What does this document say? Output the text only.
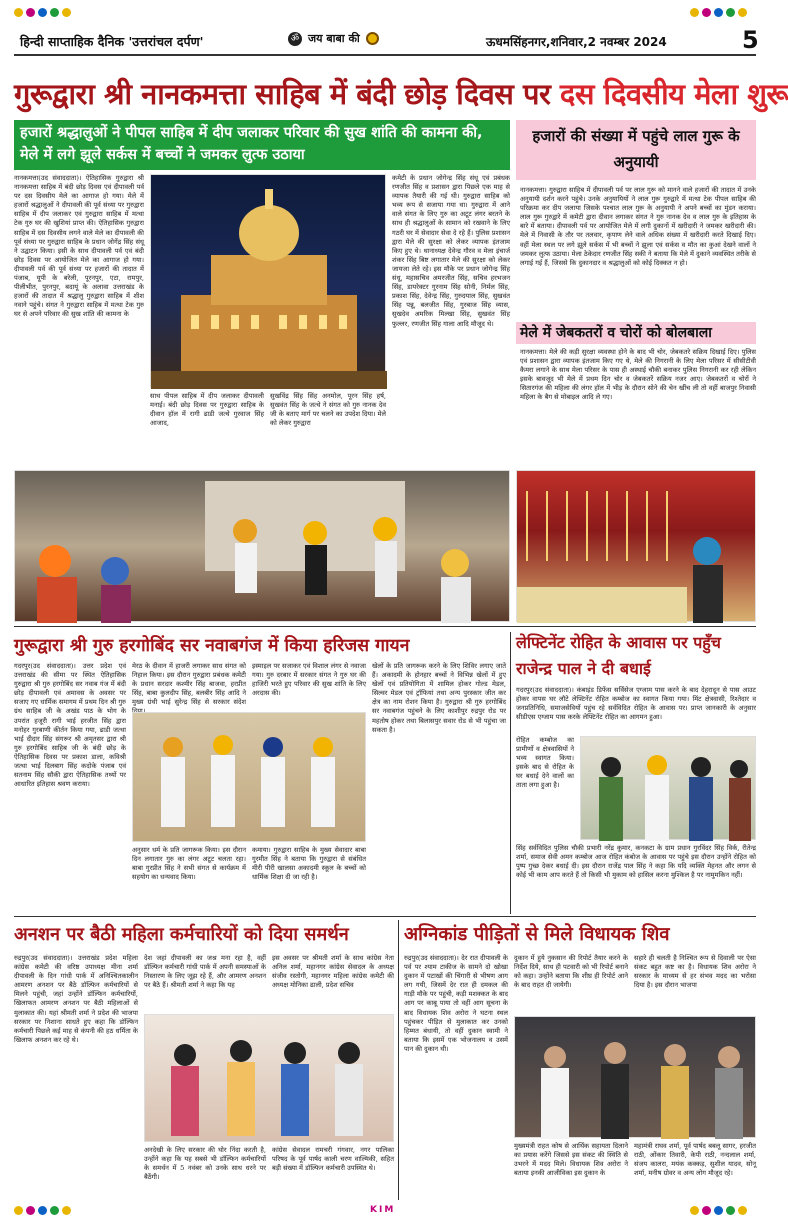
हिन्दी साप्ताहिक दैनिक 'उत्तरांचल दर्पण'	ॐ जय बाबा की	ऊधमसिंहनगर,शनिवार,2 नवम्बर 2024	5
गुरूद्वारा श्री नानकमत्ता साहिब में बंदी छोड़ दिवस पर दस दिवसीय मेला शुरू
हजारों श्रद्धालुओं ने पीपल साहिब में दीप जलाकर परिवार की सुख शांति की कामना की, मेले में लगे झूले सर्कस में बच्चों ने जमकर लुत्फ उठाया
नानकमत्ता(उद संवाददाता)। ऐतिहासिक गुरुद्वारा श्री नानकमत्ता साहिब में बंदी छोड़ दिवस एवं दीपावली पर्व पर दस दिवसीय मेले का आगाज हो गया। मेले में हजारों श्रद्धालुओं ने दीपावली की पूर्व संध्या पर गुरुद्वारा साहिब में दीप जलाकर एवं गुरुद्वारा साहिब में मत्था टेक गुरु घर की खुशियां प्राप्त की। ऐतिहासिक गुरुद्वारा साहिब में दस दिवसीय लगने वाले मेले का दीपावली की पूर्व संध्या पर गुरुद्वारा साहिब के प्रधान जोगेंद्र सिंह संधू ने उद्घाटन किया। इसी के साथ दीपावली पर्व एवं बंदी छोड़ दिवस पर आयोजित मेले का आगाज हो गया। दीपावली पर्व की पूर्व संध्या पर हजारों की तादात में पंजाब, यूपी के बरेली, पूरनपुर, एटा, रामपुर, पीलीभीत, पुरनपुर, बदायूं के अलावा उत्तराखंड के हजारों की तादात में श्रद्धालु गुरुद्वारा साहिब में शीश नवाने पहुंचे। संगत ने गुरुद्वारा साहिब में मत्था टेक गुरु घर से अपने परिवार की सुख शांति की कामना के
साथ पीपल साहिब में दीप जलाकर दीपावली मनाई। बंदी छोड़ दिवस पर गुरुद्वारा साहिब के दीवान हॉल में रागी ढाडी जत्थे गुरवाज सिंह आजाद,
सुखविंद्र सिंह सिंह अनमोल, पूरन सिंह हर्ष, सुखवंत सिंह के जत्थे ने संगत को गुरु नानक देव जी के बताए मार्ग पर चलने का उपदेश दिया। मेले को लेकर गुरुद्वारा
कमेटी के प्रधान जोगेन्द्र सिंह संधू एवं प्रबंधक रणजीत सिंह व प्रशासन द्वारा पिछले एक माह से व्यापक तैयारी की गई थी। गुरुद्वारा साहिब को भव्य रूप से सजाया गया था। गुरुद्वारा में आने वाले संगत के लिए गुरु का अटूट लंगर बरतने के साथ ही श्रद्धालुओं के सामान को रखवाने के लिए गठरी घर में सेवादार सेवा दे रहे हैं। पुलिस प्रशासन द्वारा मेले की सुरक्षा को लेकर व्यापक इंतजाम किए हुए थे। थानाध्यक्ष देवेन्द्र गौरव व मेला इंचार्ज शंकर सिंह बिष्ट लगातार मेले की सुरक्षा को लेकर जायजा लेते रहे। इस मौके पर प्रधान जोगेन्द्र सिंह संधू, महासचिव अमरजीत सिंह, सचिव हरभजन सिंह, डायरेक्टर गुरनाम सिंह सोनी, निर्मल सिंह, प्रकाश सिंह, देवेन्द्र सिंह, गुरुदयाल सिंह, सुखवंत सिंह पन्नू, बलजीत सिंह, गुरबाज सिंह व्यास, सुखदेव अमरिक मिल्खा सिंह, सुखवंत सिंह फुल्लर, रणजीत सिंह गाला आदि मौजूद थे।
हजारों की संख्या में पहुंचे लाल गुरू के अनुयायी
नानकमत्ता। गुरुद्वारा साहिब में दीपावली पर्व पर लाल गुरू को मानने वाले हजारों की तादात में उनके अनुयायी दर्शन करने पहुंचे। उनके अनुयायियों ने लाल गुरू गुरुद्वारे में मत्था टेक पीपल साहिब की परिक्रमा कर दीप जलाया जिसके पश्चात लाल गुरू के अनुयायी ने अपने बच्चों का मुंडन कराया। लाल गुरू गुरुद्वारे में कमेटी द्वारा दीवान लगाकर संगत ने गुरु नानक देव व लाल गुरु के इतिहास के बारे में बताया। दीपावली पर्व पर आयोजित मेले में लगी दुकानों में खरीदारी ने जमकर खरीदारी की। मेले में निवासी के तौर पर तलवार, कृपाण लेने वाले अधिक संख्या में खरीदारी करते दिखाई दिए। वहीं मेला स्थल पर लगे झूले सर्कस में भी बच्चों ने झूला एवं सर्कस व मौत का कुआं देखने वालों ने जमकर लुत्फ उठाया। मेला ठेकेदार रणजीत सिंह सकी ने बताया कि मेले में दुकाने व्यवस्थित तरीके से लगाई गई हैं, जिससे कि दुकानदार व श्रद्धालुओं को कोई दिक्कत न हो।
मेले में जेबकतरों व चोरों को बोलबाला
नानकमत्ता। मेले की कड़ी सुरक्षा व्यवस्था होने के बाद भी चोर, जेबकतरे सक्रिय दिखाई दिए। पुलिस एवं प्रशासन द्वारा व्यापक इंतजाम किए गए थे, मेले की निगरानी के लिए मेला परिसर में सीसीटीवी कैमरा लगाने के साथ मेला परिसर के पास ही अस्थाई चौकी बनाकर पुलिस निगरानी कर रही लेकिन इसके बावजूद भी मेले में प्रथम दिन चोर व जेबकतरें सक्रिय नजर आए। जेबकतरों व चोरों ने सितारगंज की महिला की लंगर हॉल में भीड़ के दौरान सोने की चेन खींच ली तो वहीं बाजपुर निवासी महिला के बैग से मोबाइल आदि ले गए।
गुरूद्वारा श्री गुरु हरगोबिंद सर नवाबगंज में किया हरिजस गायन
गदरपुर(उद संवाददाता)। उत्तर प्रदेश एवं उत्तराखंड की सीमा पर स्थित ऐतिहासिक गुरुद्वारा श्री गुरु हरगोबिंद सर नवाब गंज में बंदी छोड़ दीपावली एवं अमावस के अवसर पर सजाए गए धार्मिक समागम में प्रथम दिन श्री गुरु ग्रंथ साहिब जी के अखंड पाठ के भोग के उपरांत हजूरी रागी भाई हरजीत सिंह द्वारा मनोहर गुरबाणी कीर्तन किया गया, ढाडी जत्था भाई दीदार सिंह संगरूर श्री अमृतसर द्वारा श्री गुरु हरगोबिंद साहिब जी के बंदी छोड़ के ऐतिहासिक दिवस पर प्रकाश डाला, कविश्री जत्था भाई दिलबाग सिंह कदोके पंजाब एवं सतनाम सिंह सौकी द्वारा ऐतिहासिक तथ्यों पर आधारित इतिहास श्रवण कराया।
मेरठ के दीवान में हाजरी लगाकर साध संगत को निहाल किया। इस दौरान गुरुद्वारा प्रबंधक कमेटी के प्रधान सरदार कश्मीर सिंह बाजवा, हरप्रीत सिंह, बाबा कुलदीप सिंह, बलबीर सिंह आदि ने मुख्य ग्रंथी भाई सुरेन्द्र सिंह से सरकार संदेश
इस्माइल पर सजाकर एवं विशाल लंगर से नवाजा गया। गुरु दरबार में सरकार संगत ने गुरु घर की हाजिरी भरते हुए परिवार की सुख शांति के लिए अरदास की।
अनुसार धर्म के प्रति जागरूक किया। इस दौरान दिन लगातार गुरु का लंगर अटूट चलता रहा। बाबा गुरप्रीत सिंह ने सभी संगत से कार्यक्रम में सहयोग का धन्यवाद किया।
कमाया। गुरुद्वारा साहिब के मुख्य सेवादार बाबा गुरमीत सिंह ने बताया कि गुरुद्वारा से संबंधित मीरी पीरी खालसा अकादमी स्कूल के बच्चों को धार्मिक शिक्षा दी जा रही है।
खेलों के प्रति जागरूक करने के लिए शिविर लगाए जाते हैं। अकादमी के होनहार बच्चों ने विभिन्न खेलों में हुए खेलों एवं प्रतियोगिता में शामिल होकर गोल्ड मेडल, सिल्वर मेडल एवं ट्रॉफियां तथा अन्य पुरस्कार जीत कर क्षेत्र का नाम रोशन किया है। गुरुद्वारा श्री गुरु हरगोबिंद सर नवाबगंज पहुंचने के लिए काशीपुर रुद्रपुर रोड पर महतोष होकर तथा बिलासपुर सवार रोड से भी पहुंचा जा सकता है।
लेफ्टिनेंट रोहित के आवास पर पहुँच राजेन्द्र पाल ने दी बधाई
गदरपुर(उद संवाददाता)। कंबाइंड डिफेंस सर्विसेज एग्जाम पास करने के बाद देहरादून से पास आउट होकर वापस घर लौटे लेफ्टिनेंट रोहित कम्बोज का स्वागत किया गया। मिंट क्षेत्रवासी, रिश्तेदार व जनप्रतिनिधि, समाजसेवियों पहुंच रहे सर्वविदित रोहित के आवास पर। प्राप्त जानकारी के अनुसार सीडीएस एग्जाम पास करके लेफ्टिनेंट रोहित का आगमन हुआ।
रोहित कम्बोज का प्रामीणों व क्षेत्रवासियों ने भव्य स्वागत किया। इसके बाद से रोहित के घर बधाई देने वालों का ताता लगा हुआ है।
सिंह सर्वविदित पुलिस चौकी प्रभारी नरेंद्र कुमार, कनकटा के ग्राम प्रधान गुरविंदर सिंह विर्क, रीतेन्द्र शर्मा, समाज सेवी अमन कम्बोज आज रोहित कंबोज के आवास पर पहुंचे इस दौरान उन्होंने रोहित को पुष्प गुच्छ देकर बधाई दी। इस दौरान राजेंद्र पाल सिंह ने कहा कि यदि व्यक्ति मेहनत और लगन से कोई भी काम आप करते हैं तो किसी भी मुकाम को हासिल करना मुश्किल है पर नामुमकिन नहीं।
अनशन पर बैठी महिला कर्मचारियों को दिया समर्थन
रुद्रपुर(उद संवाददाता)। उत्तराखंड प्रदेश महिला कांग्रेस कमेटी की वरिष्ठ उपाध्यक्ष मीना शर्मा दीपावली के दिन गांधी पार्क में अनिश्चितकालीन आमरण अनशन पर बैठे डॉल्फिन कर्मचारियों से मिलने पहुंची, जहां उन्होंने डॉल्फिन कर्मचारियों, खिलाफत आमरण अनशन पर बैठी महिलाओं से मुलाकात की। यहां श्रीमती शर्मा ने प्रदेश की भाजपा सरकार पर निशाना साधते हुए कहा कि डॉल्फिन कर्मचारी पिछले कई माह से कंपनी की हठ धर्मिता के खिलाफ अनशन कर रहे थे।
देश जहां दीपावली का जश्न मना रहा है, वहीं डॉल्फिन कर्मचारी गांधी पार्क में अपनी समस्याओं के निस्तारण के लिए जूझ रहे हैं, और आमरण अनशन पर बैठे हैं। श्रीमती शर्मा ने कहा कि यह
इस अवसर पर श्रीमती शर्मा के साथ कांग्रेस नेता अनिल शर्मा, महानगर कांग्रेस सेवादल के अध्यक्ष संजीव रस्तोगी, महानगर महिला कांग्रेस कमेटी की अध्यक्ष मोनिका ढाली, प्रदेश सचिव
अनदेखी के लिए सरकार की घोर निंदा करती है, उन्होंने कहा कि यह सबसे भी डॉल्फिन कर्मचारियों के समर्थन में 5 नवंबर को उनके साथ धरने पर बैठेंगी।
कांग्रेस सेवादल रामचरी गंगवार, नगर पालिका परिषद के पूर्व पार्षद काली चरण वाल्मिकी, सहित बड़ी संख्या में डॉल्फिन कर्मचारी उपस्थित थे।
अग्निकांड पीड़ितों से मिले विधायक शिव
रुद्रपुर(उद संवाददाता)। देर रात दीपावली के पर्व पर श्याम टाकीज के सामने दो खोखा दुकान में पटाखों की चिंगारी से भीषण आग लग गयी, जिसमें देर रात ही दमकल की गाड़ी मौके पर पहुंची, कड़ी मशक्कत के बाद आग पर काबू पाया तो वहीं आग सूचना के बाद विधायक शिव अरोरा ने घटना स्थल पहुंचकर पीड़ित से मुलाकात कर उनको हिम्मत बंधायी, तो वहीं दुकान स्वामी ने बताया कि इसमें एक भोजनालय व उसमें पान की दुकान थी।
दुकान में हुये नुकसान की रिपोर्ट तैयार करने के निर्देश दिये, साथ ही पटवारी को भी रिपोर्ट बनाने को कहा। उन्होंने बताया कि शीघ्र ही रिपोर्ट आने के बाद राहत दी जायेगी।
सहारे ही चलती है निश्चित रूप से दिवाली पर ऐसा संकट बहुत कष्ट का है। विधायक शिव अरोरा ने सरकार के माध्यम से हर संभव मदद का भरोसा दिया है। इस दौरान भाजपा
मुख्यमंत्री राहत कोष से आर्थिक सहायता दिलाने का प्रयास करेंगे जिससे इस संकट की स्थिति से उभरने में मदद मिले। विधायक शिव अरोरा ने बताया इनकी आजीविका इस दुकान के
महामंत्री राघव शर्मा, पूर्व पार्षद बबलू सागर, हरजीत राठी, ओंकार तिवारी, केपी राठी, नन्दलाल शर्मा, संजय कालरा, मयंक कक्कड़, सुशील यादव, सोनू शर्मा, मनीष ग्रोवर व अन्य लोग मौजूद रहे।
KIM
